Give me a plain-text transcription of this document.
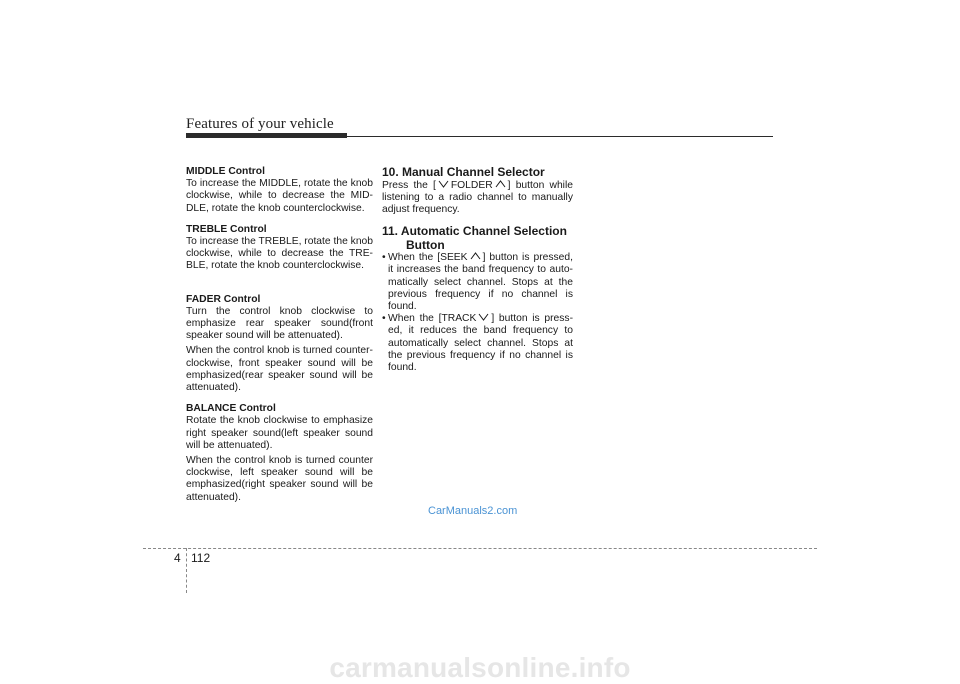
Features of your vehicle

MIDDLE Control

To increase the MIDDLE, rotate the knob clockwise, while to decrease the MID-DLE, rotate the knob counterclockwise.

TREBLE Control

To increase the TREBLE, rotate the knob clockwise, while to decrease the TRE-BLE, rotate the knob counterclockwise.

FADER Control

Turn the control knob clockwise to emphasize rear speaker sound(front speaker sound will be attenuated).

When the control knob is turned counter-clockwise, front speaker sound will be emphasized(rear speaker sound will be attenuated).

BALANCE Control

Rotate the knob clockwise to emphasize right speaker sound(left speaker sound will be attenuated).

When the control knob is turned counter clockwise, left speaker sound will be emphasized(right speaker sound will be attenuated).

10. Manual Channel Selector

Press the [ FOLDER ] button while listening to a radio channel to manually adjust frequency.

11. Automatic Channel Selection

Button

• When the [SEEK ] button is pressed, it increases the band frequency to auto-matically select channel. Stops at the previous frequency if no channel is found.
• When the [TRACK ] button is press-ed, it reduces the band frequency to automatically select channel. Stops at the previous frequency if no channel is found.
CarManuals2.com
4 112
carmanualsonline.info
